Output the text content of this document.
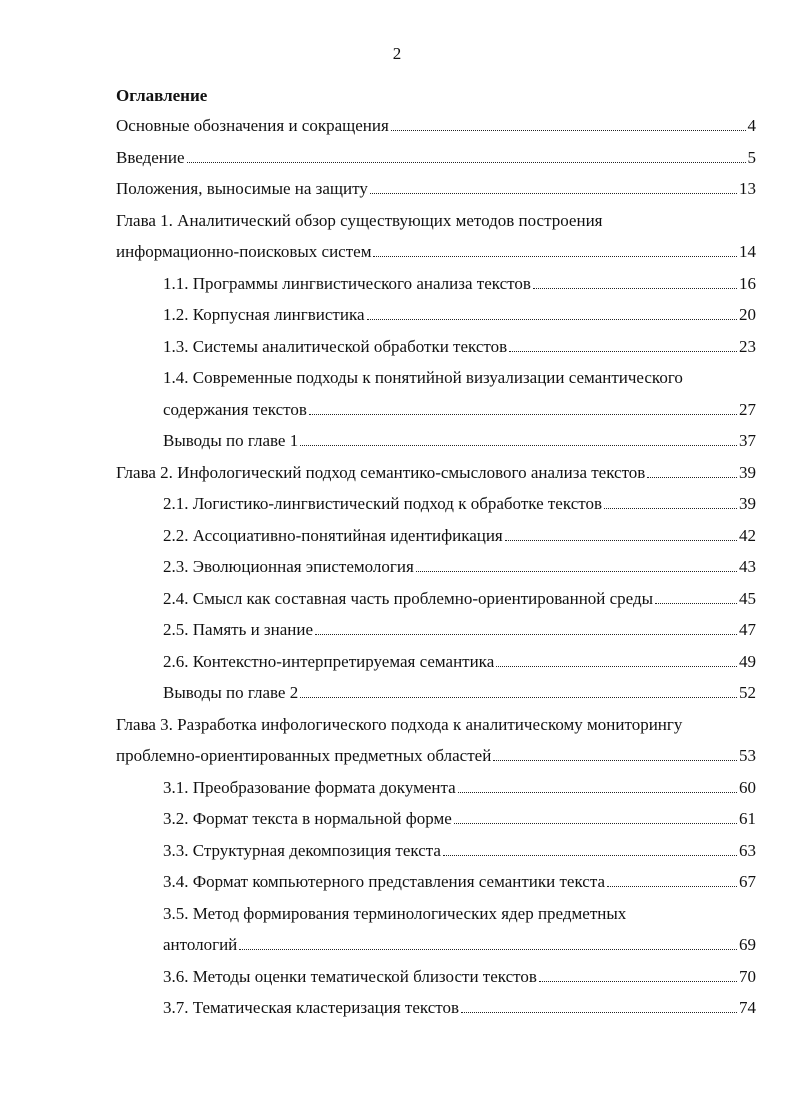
2
Оглавление
Основные обозначения и сокращения	4
Введение	5
Положения, выносимые на защиту	13
Глава 1. Аналитический обзор существующих методов построения
информационно-поисковых систем	14
1.1. Программы лингвистического анализа текстов	16
1.2. Корпусная лингвистика	20
1.3. Системы аналитической обработки текстов	23
1.4. Современные подходы к понятийной визуализации семантического
содержания текстов	27
Выводы по главе 1	37
Глава 2. Инфологический подход семантико-смыслового анализа текстов	39
2.1. Логистико-лингвистический подход к обработке текстов	39
2.2. Ассоциативно-понятийная идентификация	42
2.3. Эволюционная эпистемология	43
2.4. Смысл как составная часть проблемно-ориентированной среды	45
2.5. Память и знание	47
2.6. Контекстно-интерпретируемая семантика	49
Выводы по главе 2	52
Глава 3. Разработка инфологического подхода к аналитическому мониторингу
проблемно-ориентированных предметных областей	53
3.1. Преобразование формата документа	60
3.2. Формат текста в нормальной форме	61
3.3. Структурная декомпозиция текста	63
3.4. Формат компьютерного представления семантики текста	67
3.5. Метод формирования терминологических ядер предметных
антологий	69
3.6. Методы оценки тематической близости текстов	70
3.7. Тематическая кластеризация текстов	74
